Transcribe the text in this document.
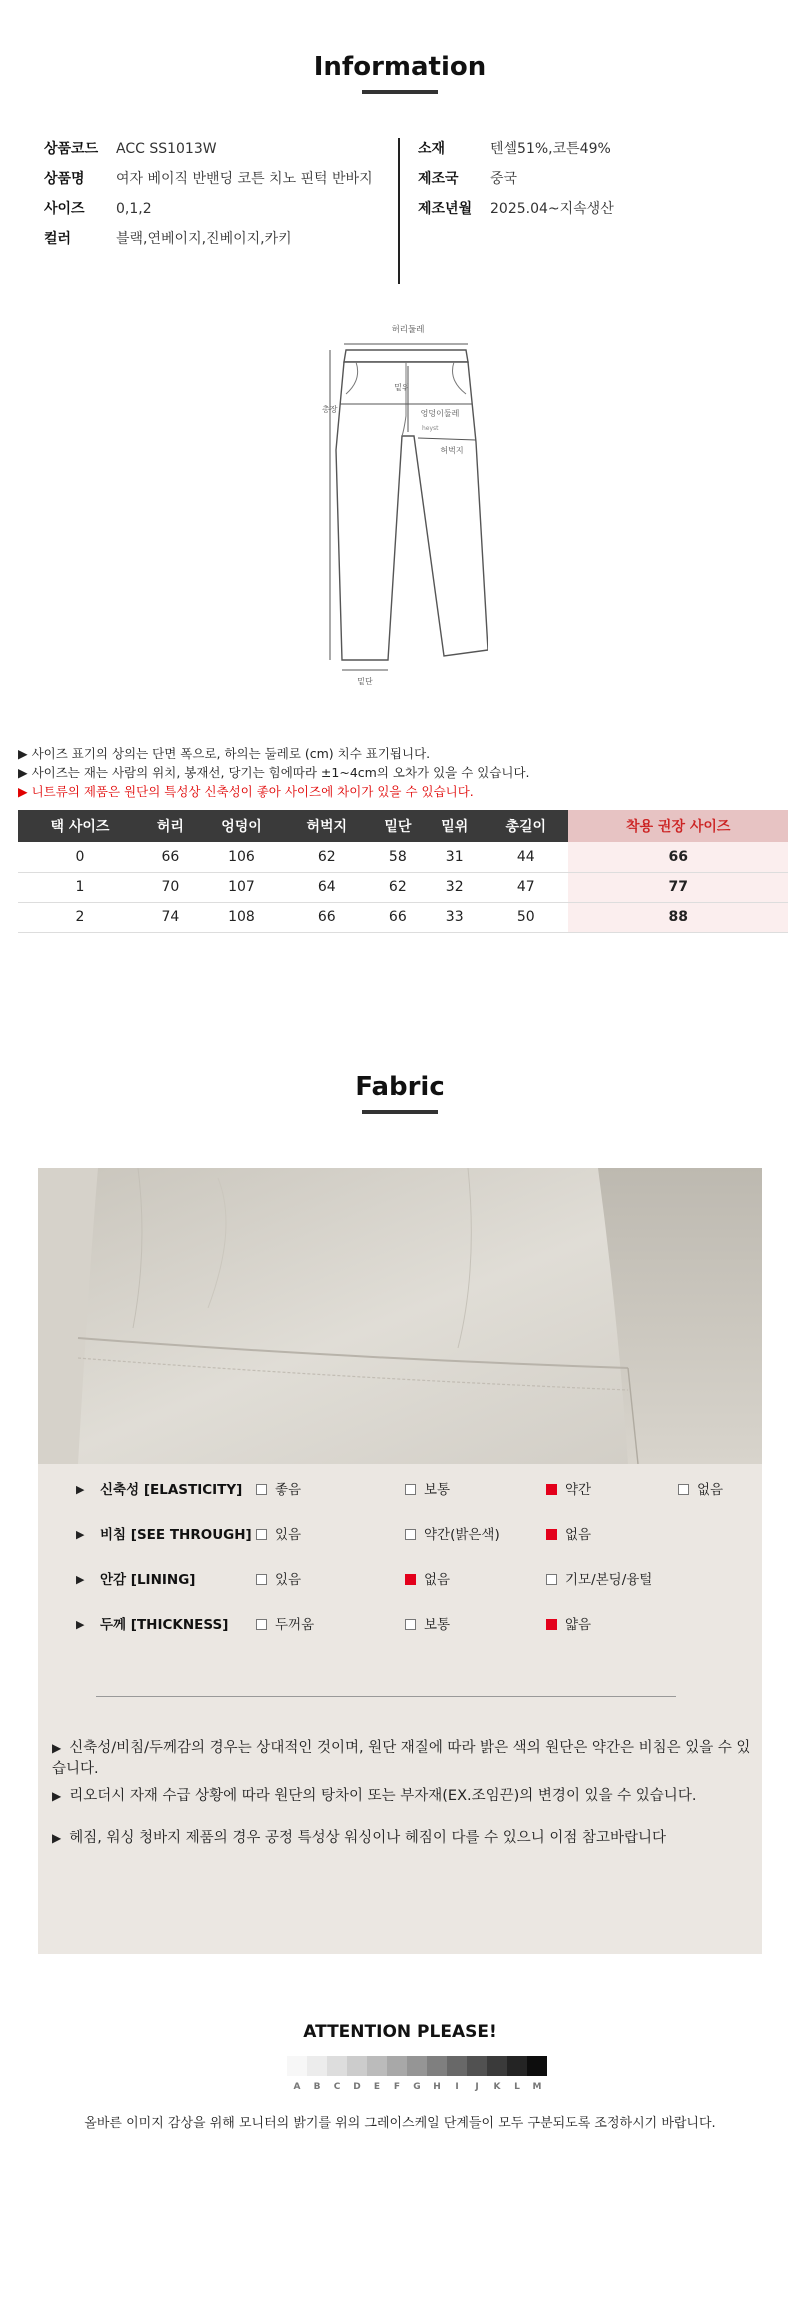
Information
상품코드 ACC SS1013W
상품명 여자 베이직 반밴딩 코튼 치노 핀턱 반바지
사이즈 0,1,2
컬러	블랙,연베이지,진베이지,카키
소재	텐셀51%,코튼49%
제조국 중국
제조년월 2025.04~지속생산
허리둘레
밑위
엉덩이둘레
heyst
허벅지
총장
밑단
▶ 사이즈 표기의 상의는 단면 폭으로, 하의는 둘레로 (cm) 치수 표기됩니다.
▶ 사이즈는 재는 사람의 위치, 봉재선, 당기는 힘에따라 ±1~4cm의 오차가 있을 수 있습니다.
▶ 니트류의 제품은 원단의 특성상 신축성이 좋아 사이즈에 차이가 있을 수 있습니다.
택 사이즈	허리	엉덩이	허벅지	밑단	밑위	총길이	착용 권장 사이즈
0	66	106	62	58	31	44	66
1	70	107	64	62	32	47	77
2	74	108	66	66	33	50	88
Fabric
▶ 신축성 [ELASTICITY]	좋음	보통	약간	없음
▶ 비침 [SEE THROUGH]	있음	약간(밝은색)	없음
▶ 안감 [LINING]	있음	없음	기모/본딩/융털
▶ 두께 [THICKNESS]	두꺼움	보통	얇음
▶ 신축성/비침/두께감의 경우는 상대적인 것이며, 원단 재질에 따라 밝은 색의 원단은 약간은 비침은 있을 수 있습니다.
▶ 리오더시 자재 수급 상황에 따라 원단의 탕차이 또는 부자재(EX.조임끈)의 변경이 있을 수 있습니다.
▶ 헤짐, 워싱 청바지 제품의 경우 공정 특성상 워싱이나 헤짐이 다를 수 있으니 이점 참고바랍니다
ATTENTION PLEASE!
A	B	C	D	E	F	G	H	I	J	K	L	M
올바른 이미지 감상을 위해 모니터의 밝기를 위의 그레이스케일 단계들이 모두 구분되도록 조정하시기 바랍니다.
